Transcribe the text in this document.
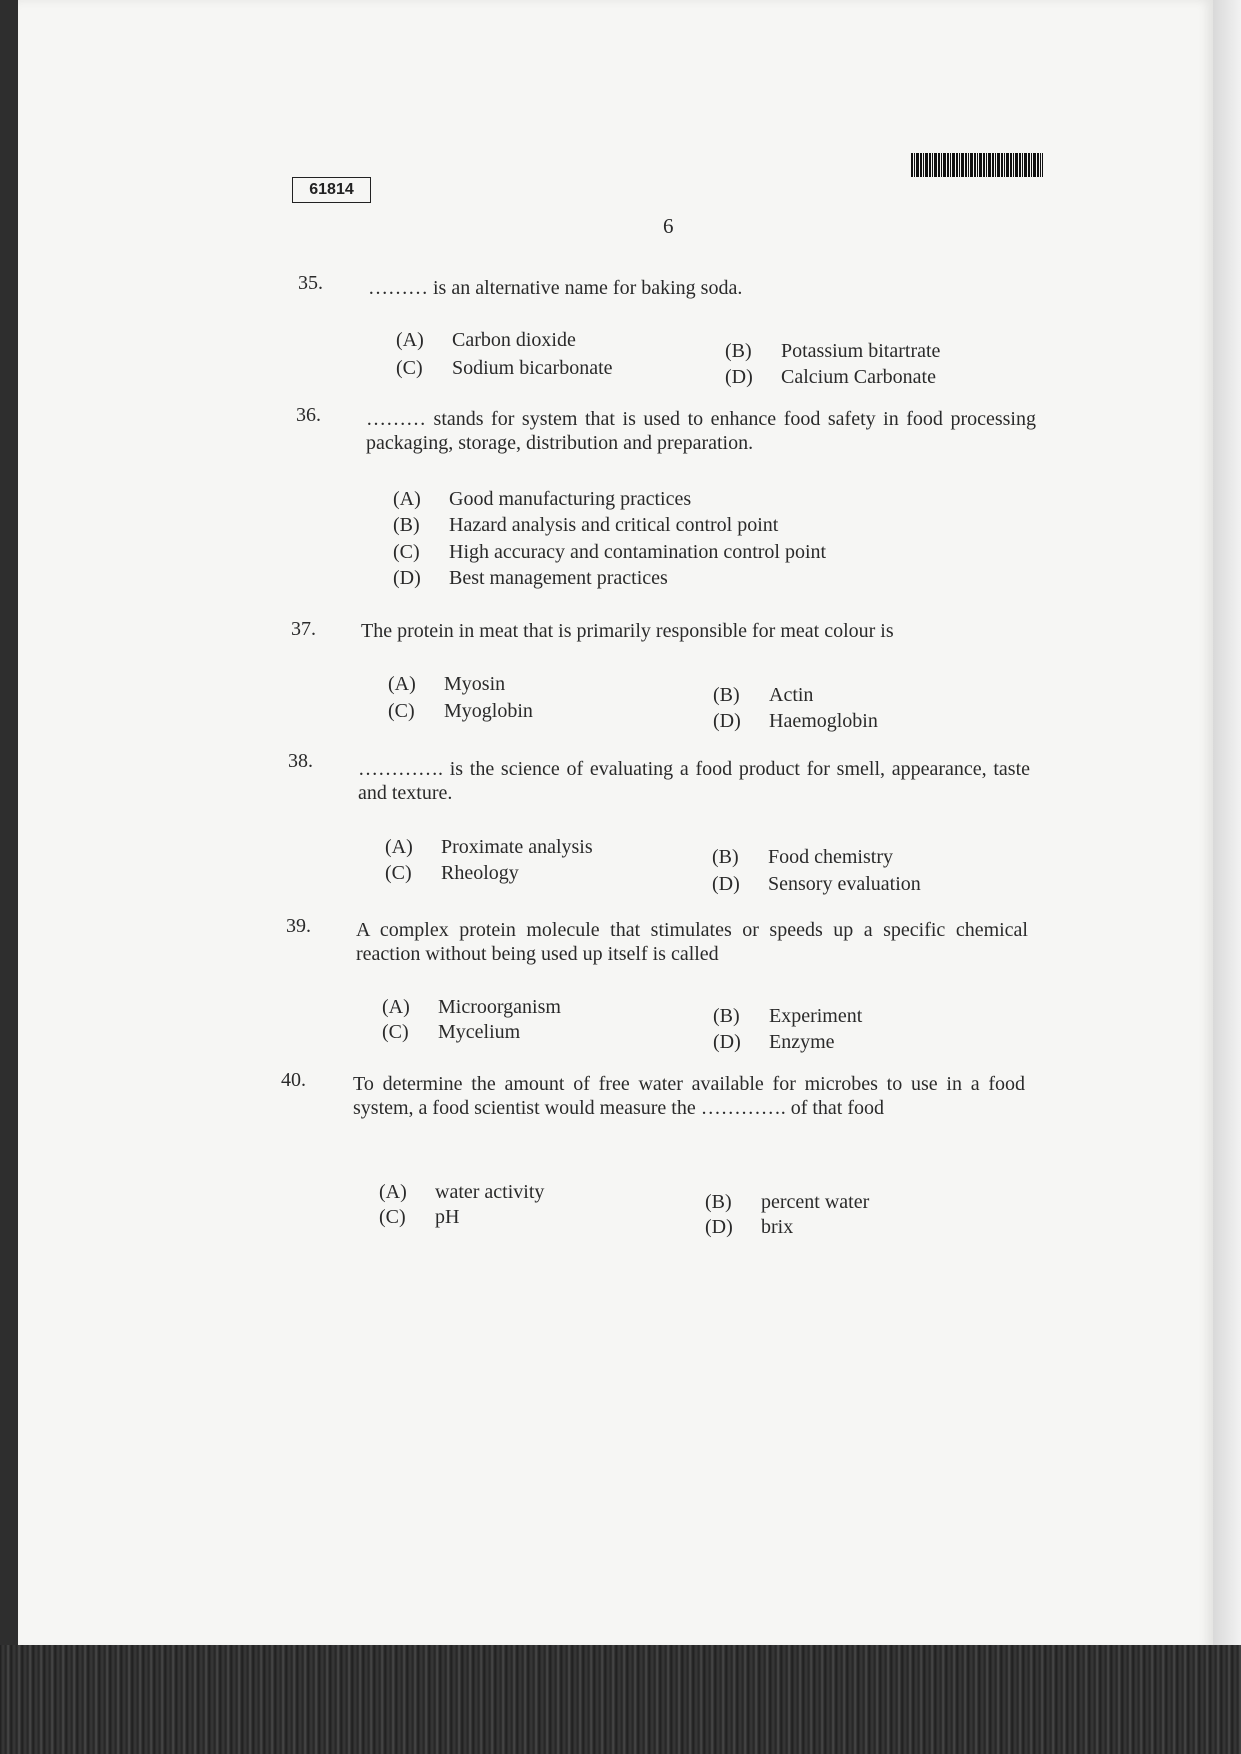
61814
6
35.	……… is an alternative name for baking soda.
(A) Carbon dioxide	(B) Potassium bitartrate
(C) Sodium bicarbonate	(D) Calcium Carbonate
36.	……… stands for system that is used to enhance food safety in food processing packaging, storage, distribution and preparation.
(A) Good manufacturing practices
(B) Hazard analysis and critical control point
(C) High accuracy and contamination control point
(D) Best management practices
37.	The protein in meat that is primarily responsible for meat colour is
(A) Myosin	(B) Actin
(C) Myoglobin	(D) Haemoglobin
38.	…………. is the science of evaluating a food product for smell, appearance, taste and texture.
(A) Proximate analysis	(B) Food chemistry
(C) Rheology	(D) Sensory evaluation
39.	A complex protein molecule that stimulates or speeds up a specific chemical reaction without being used up itself is called
(A) Microorganism	(B) Experiment
(C) Mycelium	(D) Enzyme
40.	To determine the amount of free water available for microbes to use in a food system, a food scientist would measure the …………. of that food
(A) water activity	(B) percent water
(C) pH	(D) brix
